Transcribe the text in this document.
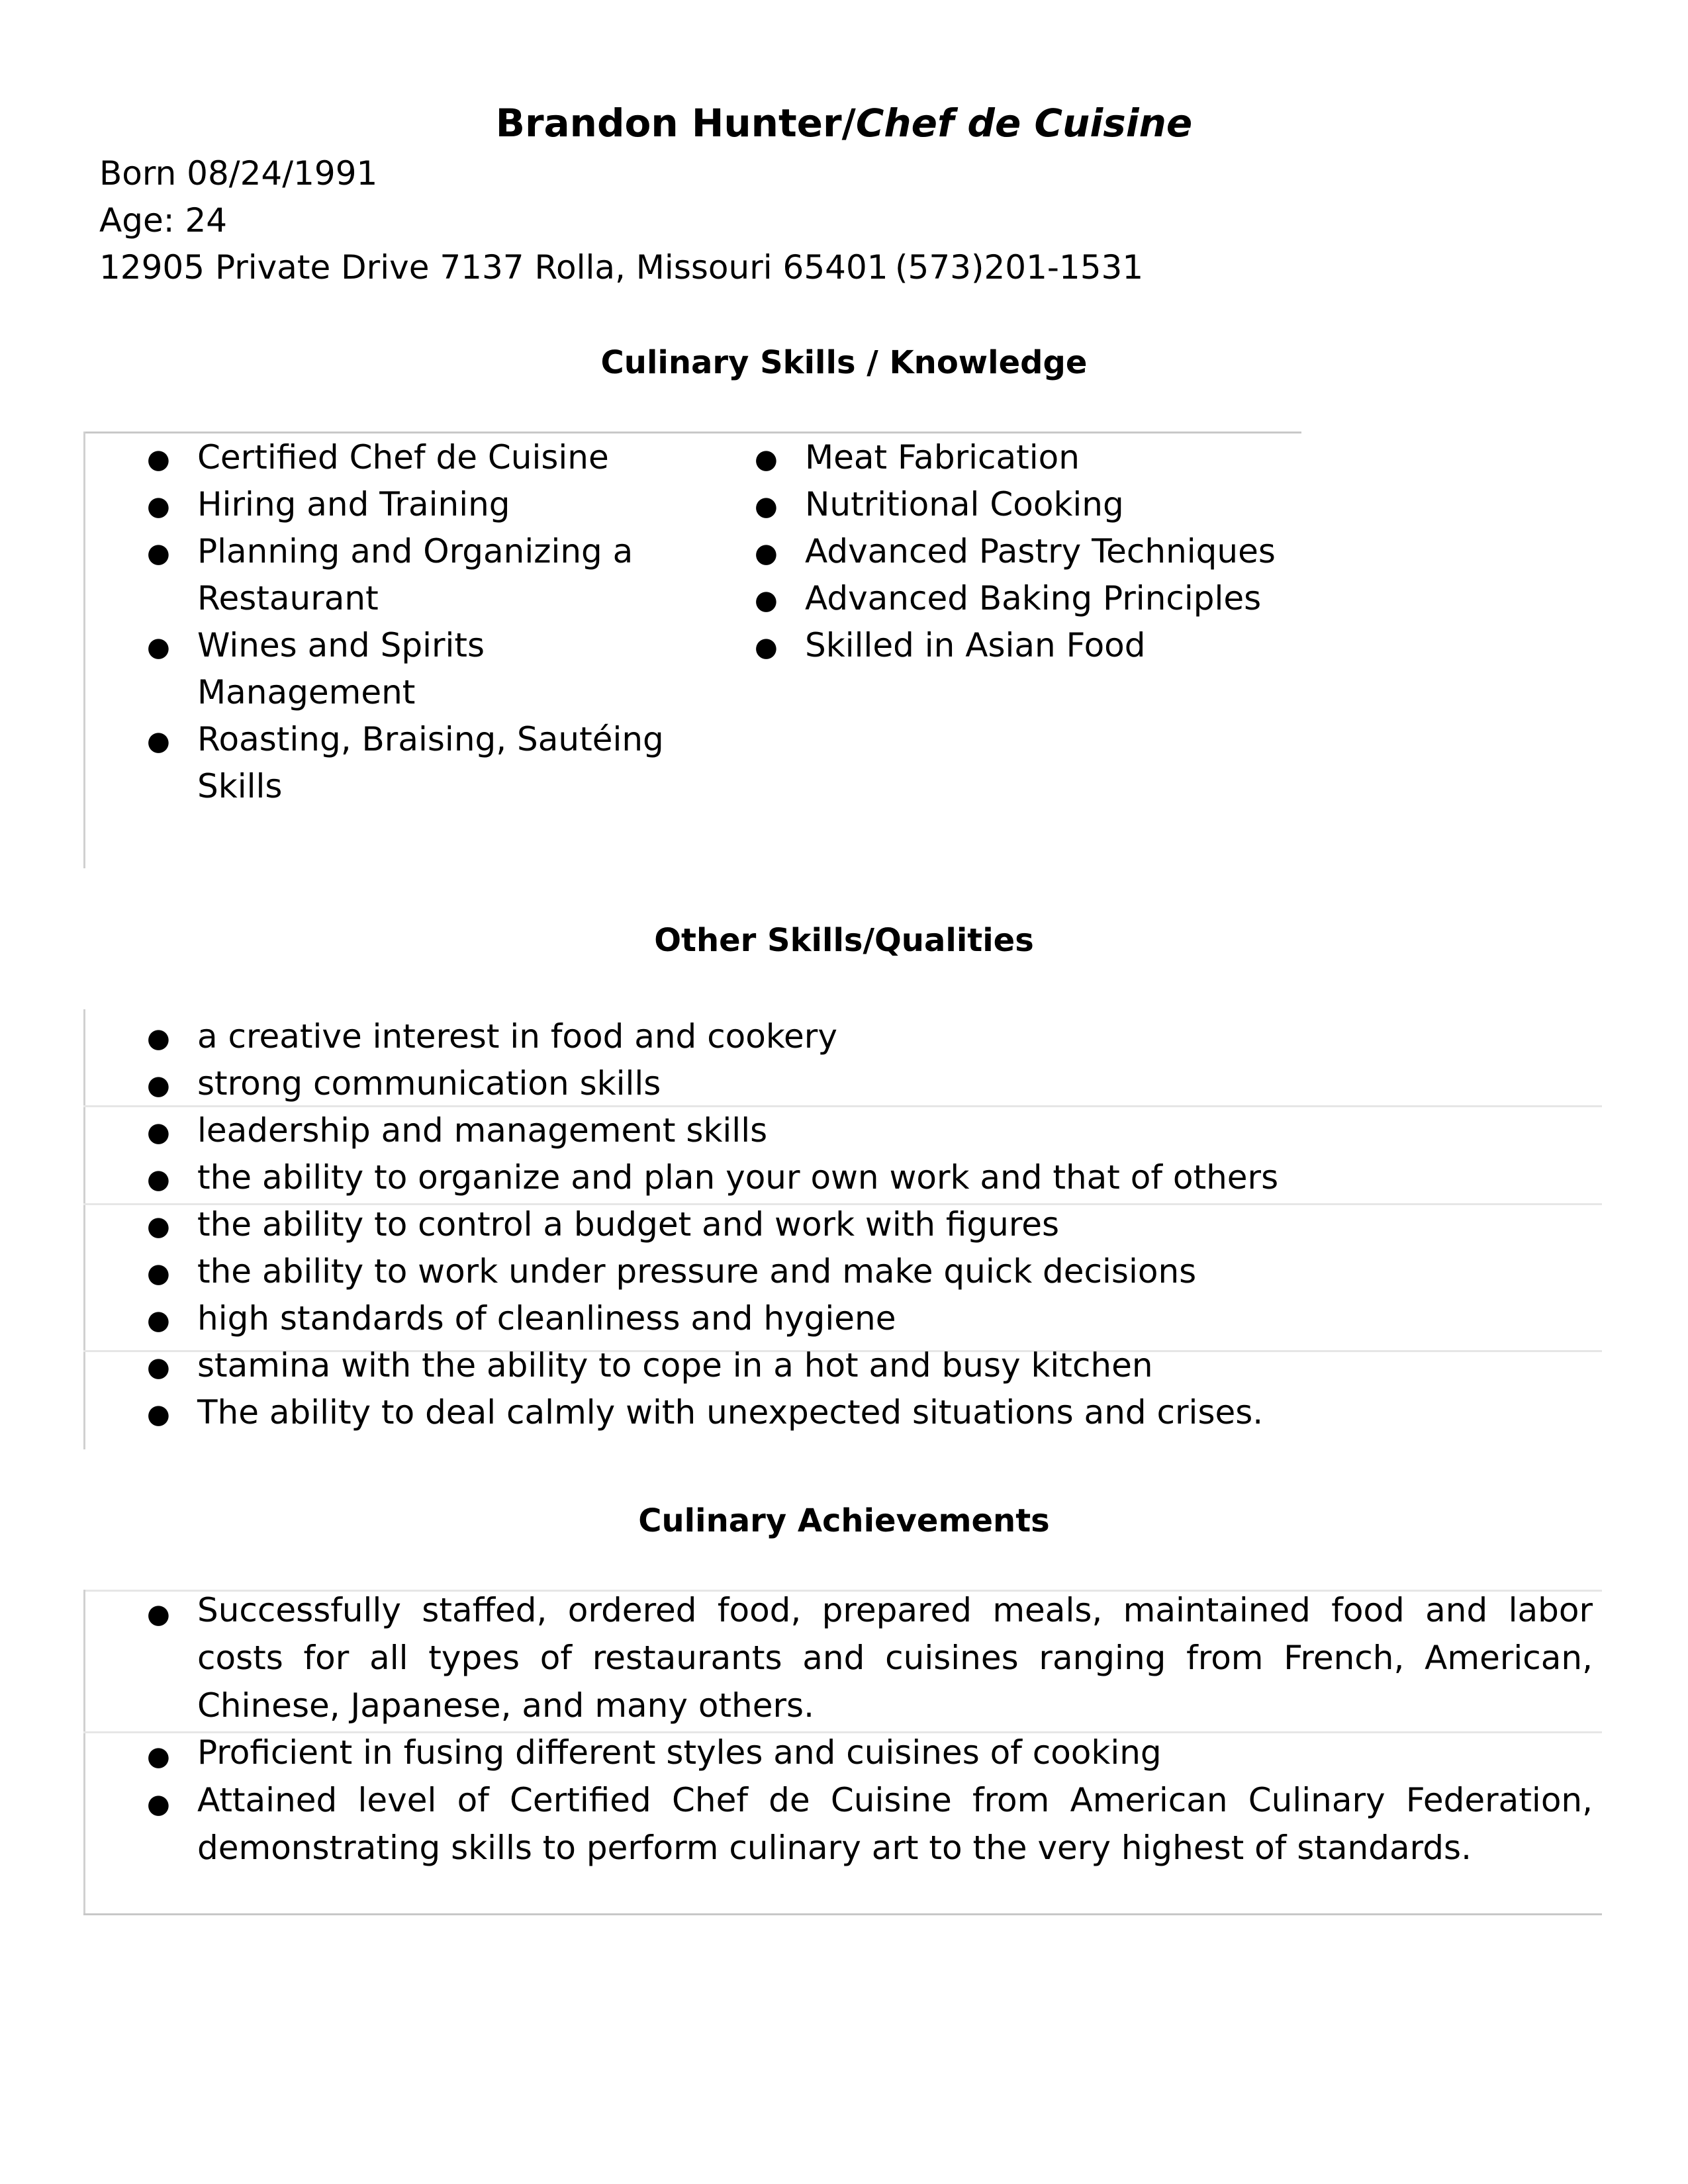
Brandon Hunter/Chef de Cuisine
Born 08/24/1991
Age: 24
12905 Private Drive 7137 Rolla, Missouri 65401 (573)201-1531
Culinary Skills / Knowledge
● Certified Chef de Cuisine
● Hiring and Training
● Planning and Organizing a
Restaurant
● Wines and Spirits
Management
● Roasting, Braising, Sautéing
Skills
● Meat Fabrication
● Nutritional Cooking
● Advanced Pastry Techniques
● Advanced Baking Principles
● Skilled in Asian Food
Other Skills/Qualities
● a creative interest in food and cookery
● strong communication skills
● leadership and management skills
● the ability to organize and plan your own work and that of others
● the ability to control a budget and work with figures
● the ability to work under pressure and make quick decisions
● high standards of cleanliness and hygiene
● stamina with the ability to cope in a hot and busy kitchen
● The ability to deal calmly with unexpected situations and crises.
Culinary Achievements
● Successfully staffed, ordered food, prepared meals, maintained food and labor costs for all types of restaurants and cuisines ranging from French, American, Chinese, Japanese, and many others.
● Proficient in fusing different styles and cuisines of cooking
● Attained level of Certified Chef de Cuisine from American Culinary Federation, demonstrating skills to perform culinary art to the very highest of standards.
